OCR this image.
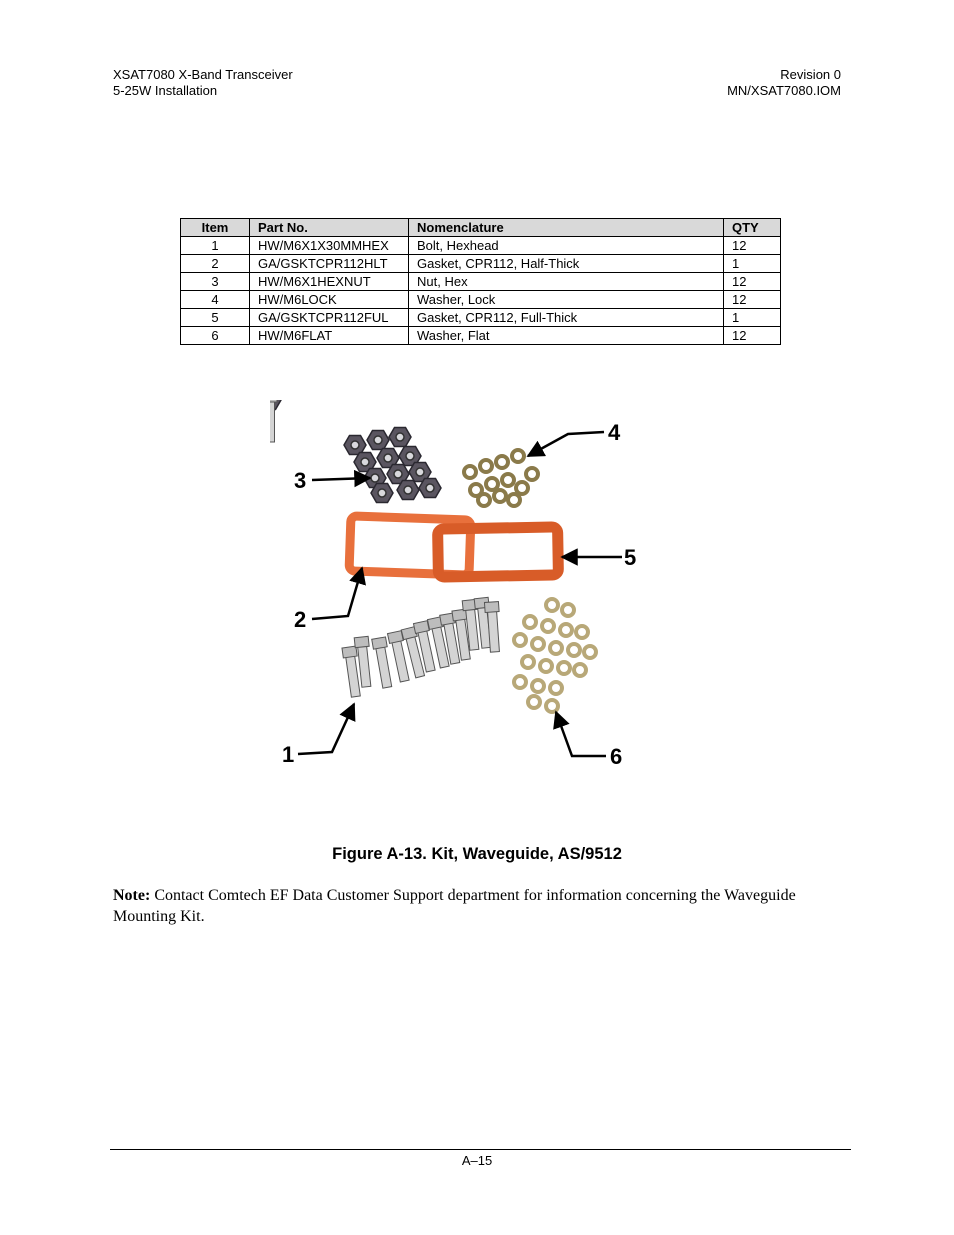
XSAT7080 X-Band Transceiver
5-25W Installation
Revision 0
MN/XSAT7080.IOM
Item	Part No.	Nomenclature	QTY
1	HW/M6X1X30MMHEX	Bolt, Hexhead	12
2	GA/GSKTCPR112HLT	Gasket, CPR112, Half-Thick	1
3	HW/M6X1HEXNUT	Nut, Hex	12
4	HW/M6LOCK	Washer, Lock	12
5	GA/GSKTCPR112FUL	Gasket, CPR112, Full-Thick	1
6	HW/M6FLAT	Washer, Flat	12
3
4
5
2
1	6
Figure A-13. Kit, Waveguide, AS/9512
Note: Contact Comtech EF Data Customer Support department for information concerning the Waveguide Mounting Kit.
A–15
